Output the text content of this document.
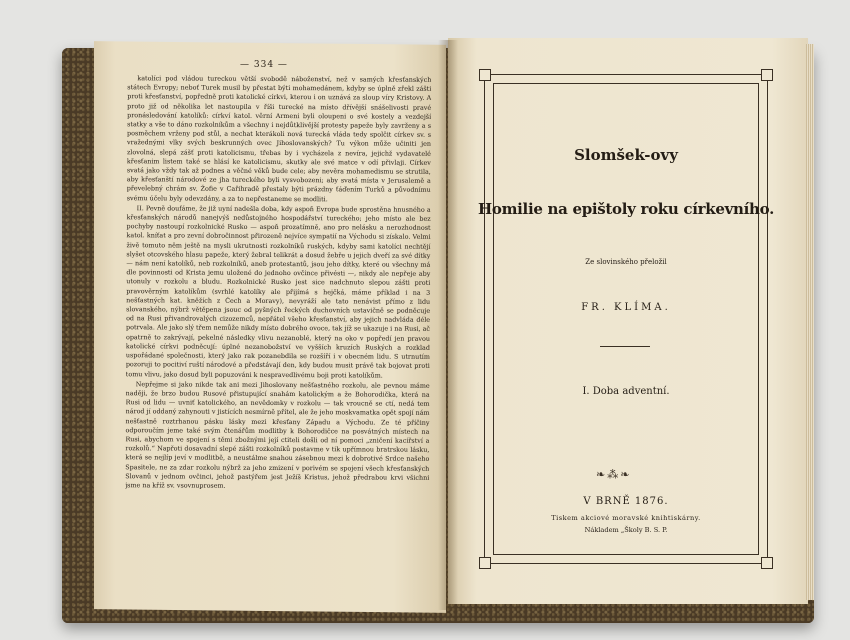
— 334 —

katolíci pod vládou tureckou větší svobodě náboženství, než v samých křesťanských státech Evropy; neboť Turek musil by přestat býti mohamedánem, kdyby se úplně zřekl zášti proti křesťanství, popředně proti katolické církvi, kterou i on uznává za sloup víry Kristovy. A proto již od několika let nastoupila v říši turecké na místo dřívější snášelivosti pravé pronásledování katolíků: církví katol. věrní Armeni byli oloupeni o své kostely a vezdejší statky a vše to dáno rozkolníkům a všechny i nejdůtklivější protesty papeže byly zavrženy a s posměchem vrženy pod stůl, a nechat kterákoli nová turecká vláda tedy spolčit církev sv. s vražednými vlky svých beskrunných ovec Jihoslovanských? Tu výkon může učiniti jen zlovolná, slepá zášť proti katolicismu, třebas by i vycházela z nevíra, jejichž vydavatelé křesťanim listem také se hlásí ke katolicismu, skutky ale své matce v odí přivlaji. Církev svatá jako vždy tak až podnes a věčné věků bude cele; aby nevěra mohamedismu se strutila, aby křesťanští národové ze jha tureckého byli vysvobozeni; aby svatá místa v Jerusalemě a převelebný chrám sv. Žofie v Cařihradě přestaly býti prázdny ťáďením Turků a původnímu svému účelu byly odevzdány, a za to nepřestaneme se modliti.

II. Pevně doufáme, že již uyní nadešla doba, kdy aspoň Evropa bude sprostěna hnusného a křesťanských národů nanejvýš nedůstojného hospodářství tureckého; jeho místo ale bez pochyby nastoupí rozkolnické Rusko — aspoň prozatímně, ano pro nelásku a nerozhodnost katol. kníťat a pro zevní dobročinnost přirozeně nejvíce sympatií na Východu si získalo. Velmi živě tomuto něm ještě na mysli ukrutnosti rozkolníků ruských, kdyby sami katolíci nechtějí slyšet otcovského hlasu papeže, který žebral telikrát a dosud žebře u jejich dveří za své dítky — nám není katolíků, neb rozkolníků, aneb protestantů, jsou jeho dítky, které ou všechny má dle povinnosti od Krista jemu uložené do jednoho ovčince přivésti —, nikdy ale nepřeje aby utonuly v rozkolu a bludu. Rozkolnické Rusko jest sice nadchnuto slepou zášti proti pravověrným katolíkům (svrhlé katolíky ale přijímá s hejčká, máme příklad i na 3 nešťastných kat. kněžích z Čech a Moravy), nevyráží ale tato nenávist přímo z lidu slovanského, nýbrž větěpena jsouc od pyšných řeckých duchovních ustavičně se podněcuje od na Rusi přivandrovalých cizozemců, nepřátel všeho křesťanství, aby jejich nadvláda déle potrvala. Ale jako slý třem nemůže nikdy místo dobrého ovoce, tak jíž se ukazuje i na Rusi, ač opatrně to zakrývají, pekelné následky vlivu nezanoblé, který na oko v popředí jen pravou katolické církvi podněcují: úplné nezanobožství ve vyšších kruzích Ruských a rozklad uspořádané společnosti, který jako rak pozanebdila se rozšíří i v obecném lidu. S utrnutím pozoruji to pocitiví ruští národové a předstávají den, kdy budou musit právě tak bojovat proti tomu vlivu, jako dosud byli popuzováni k nespravedlivému boji proti katolíkům.

Nepřejme si jako nikde tak ani mezi Jihoslovany nešťastného rozkolu, ale pevnou máme naději, že brzo budou Rusové přistupující snahám katolickým a že Bohorodička, která na Rusi od lidu — uvniť katolického, an nevědomky v rozkolu — tak vroucně se ctí, nedá tem národ jí oddaný zahynouti v jistících nesmírně přítel, ale že jeho moskvamatka opět spojí nám nešťastně roztrhanou pásku lásky mezi křesťany Západu a Východu. Ze té příčiny odporoučím jeme také svým čtenářům modlitby k Bohorodičce na posvátných místech na Rusi, abychom ve spojení s těmi zbožnými její ctiteli došli od ní pomoci „zničení kacířství a rozkolů.“ Napřoti dosavadní slepé zášti rozkolníků postavme v tik upřímnou bratrskou lásku, která se nejlíp jeví v modlitbě, a neustálme snahou zásebnou mezi k dobrotivé Srdce našeho Spasitele, ne za zdar rozkolu nýbrž za jeho zmizení v porivém se spojení všech křesťanských Slovanů v jednom ovčinci, jehož pastýřem jest Ježíš Kristus, jehož předrabou krvi všichni jsme na kříž sv. vsovnuprosem.

Slomšek-ovy
Homilie na epištoly roku církevního.
Ze slovinského přeložil
FR. KLÍMA.
I. Doba adventní.
❧⁂❧
V BRNĚ 1876.
Tiskem akciové moravské knihtiskárny.
Nákladem „Školy B. S. P.
